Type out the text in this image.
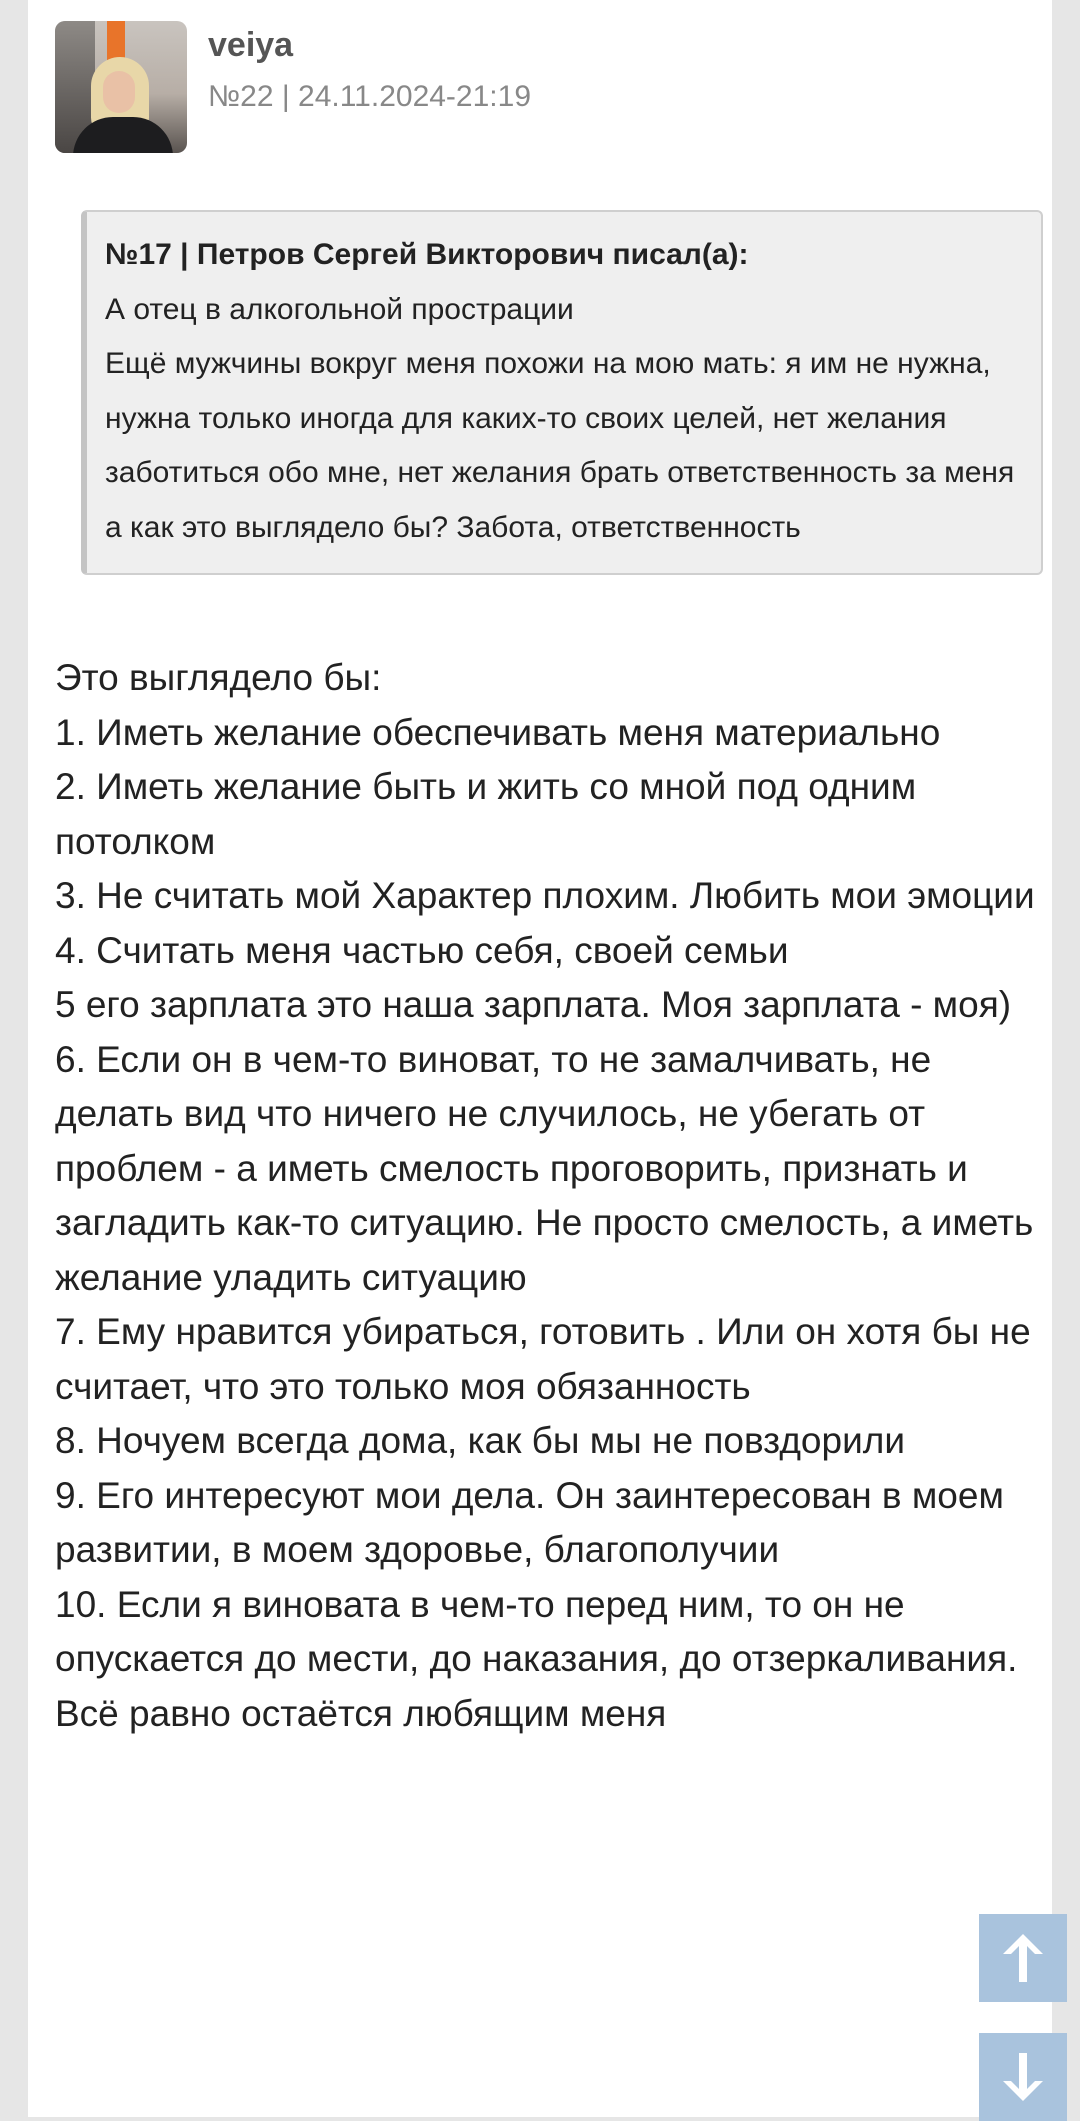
veiya
№22 | 24.11.2024-21:19
№17 | Петров Сергей Викторович писал(а):
А отец в алкогольной прострации
Ещё мужчины вокруг меня похожи на мою мать: я им не нужна, нужна только иногда для каких-то своих целей, нет желания заботиться обо мне, нет желания брать ответственность за меня
а как это выглядело бы? Забота, ответственность

Это выглядело бы:

1. Иметь желание обеспечивать меня материально

2. Иметь желание быть и жить со мной под одним потолком

3. Не считать мой Характер плохим. Любить мои эмоции

4. Считать меня частью себя, своей семьи

5 его зарплата это наша зарплата. Моя зарплата - моя)

6. Если он в чем-то виноват, то не замалчивать, не делать вид что ничего не случилось, не убегать от проблем - а иметь смелость проговорить, признать и загладить как-то ситуацию. Не просто смелость, а иметь желание уладить ситуацию

7. Ему нравится убираться, готовить . Или он хотя бы не считает, что это только моя обязанность

8. Ночуем всегда дома, как бы мы не повздорили

9. Его интересуют мои дела. Он заинтересован в моем развитии, в моем здоровье, благополучии

10. Если я виновата в чем-то перед ним, то он не опускается до мести, до наказания, до отзеркаливания. Всё равно остаётся любящим меня
